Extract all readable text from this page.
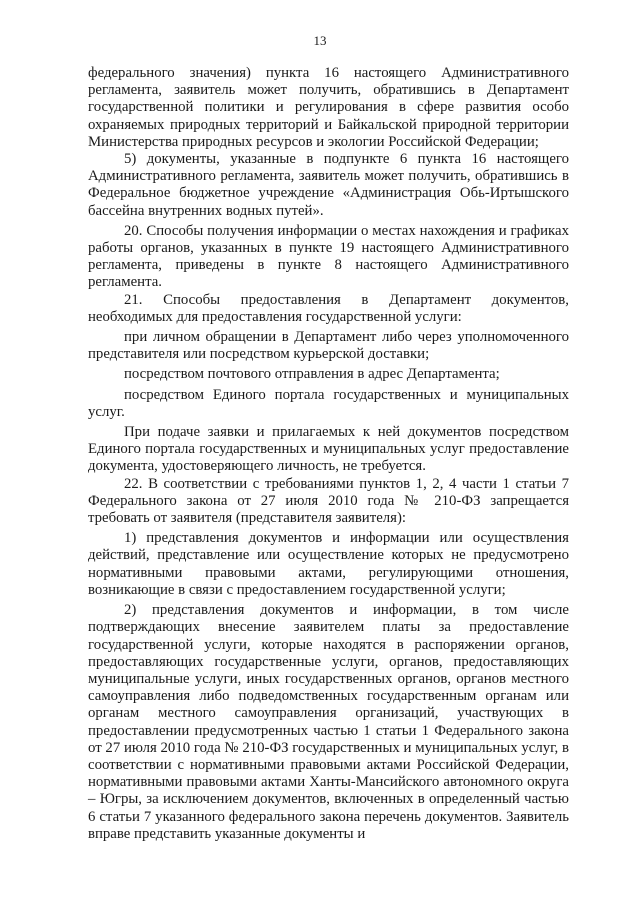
13

федерального значения) пункта 16 настоящего Административного регламента, заявитель может получить, обратившись в Департамент государственной политики и регулирования в сфере развития особо охраняемых природных территорий и Байкальской природной территории Министерства природных ресурсов и экологии Российской Федерации;

5) документы, указанные в подпункте 6 пункта 16 настоящего Административного регламента, заявитель может получить, обратившись в Федеральное бюджетное учреждение «Администрация Обь-Иртышского бассейна внутренних водных путей».

20. Способы получения информации о местах нахождения и графиках работы органов, указанных в пункте 19 настоящего Административного регламента, приведены в пункте 8 настоящего Административного регламента.

21. Способы предоставления в Департамент документов, необходимых для предоставления государственной услуги:

при личном обращении в Департамент либо через уполномоченного представителя или посредством курьерской доставки;

посредством почтового отправления в адрес Департамента;

посредством Единого портала государственных и муниципальных услуг.

При подаче заявки и прилагаемых к ней документов посредством Единого портала государственных и муниципальных услуг предоставление документа, удостоверяющего личность, не требуется.

22. В соответствии с требованиями пунктов 1, 2, 4 части 1 статьи 7 Федерального закона от 27 июля 2010 года № 210-ФЗ запрещается требовать от заявителя (представителя заявителя):

1) представления документов и информации или осуществления действий, представление или осуществление которых не предусмотрено нормативными правовыми актами, регулирующими отношения, возникающие в связи с предоставлением государственной услуги;

2) представления документов и информации, в том числе подтверждающих внесение заявителем платы за предоставление государственной услуги, которые находятся в распоряжении органов, предоставляющих государственные услуги, органов, предоставляющих муниципальные услуги, иных государственных органов, органов местного самоуправления либо подведомственных государственным органам или органам местного самоуправления организаций, участвующих в предоставлении предусмотренных частью 1 статьи 1 Федерального закона от 27 июля 2010 года № 210-ФЗ государственных и муниципальных услуг, в соответствии с нормативными правовыми актами Российской Федерации, нормативными правовыми актами Ханты-Мансийского автономного округа – Югры, за исключением документов, включенных в определенный частью 6 статьи 7 указанного федерального закона перечень документов. Заявитель вправе представить указанные документы и
